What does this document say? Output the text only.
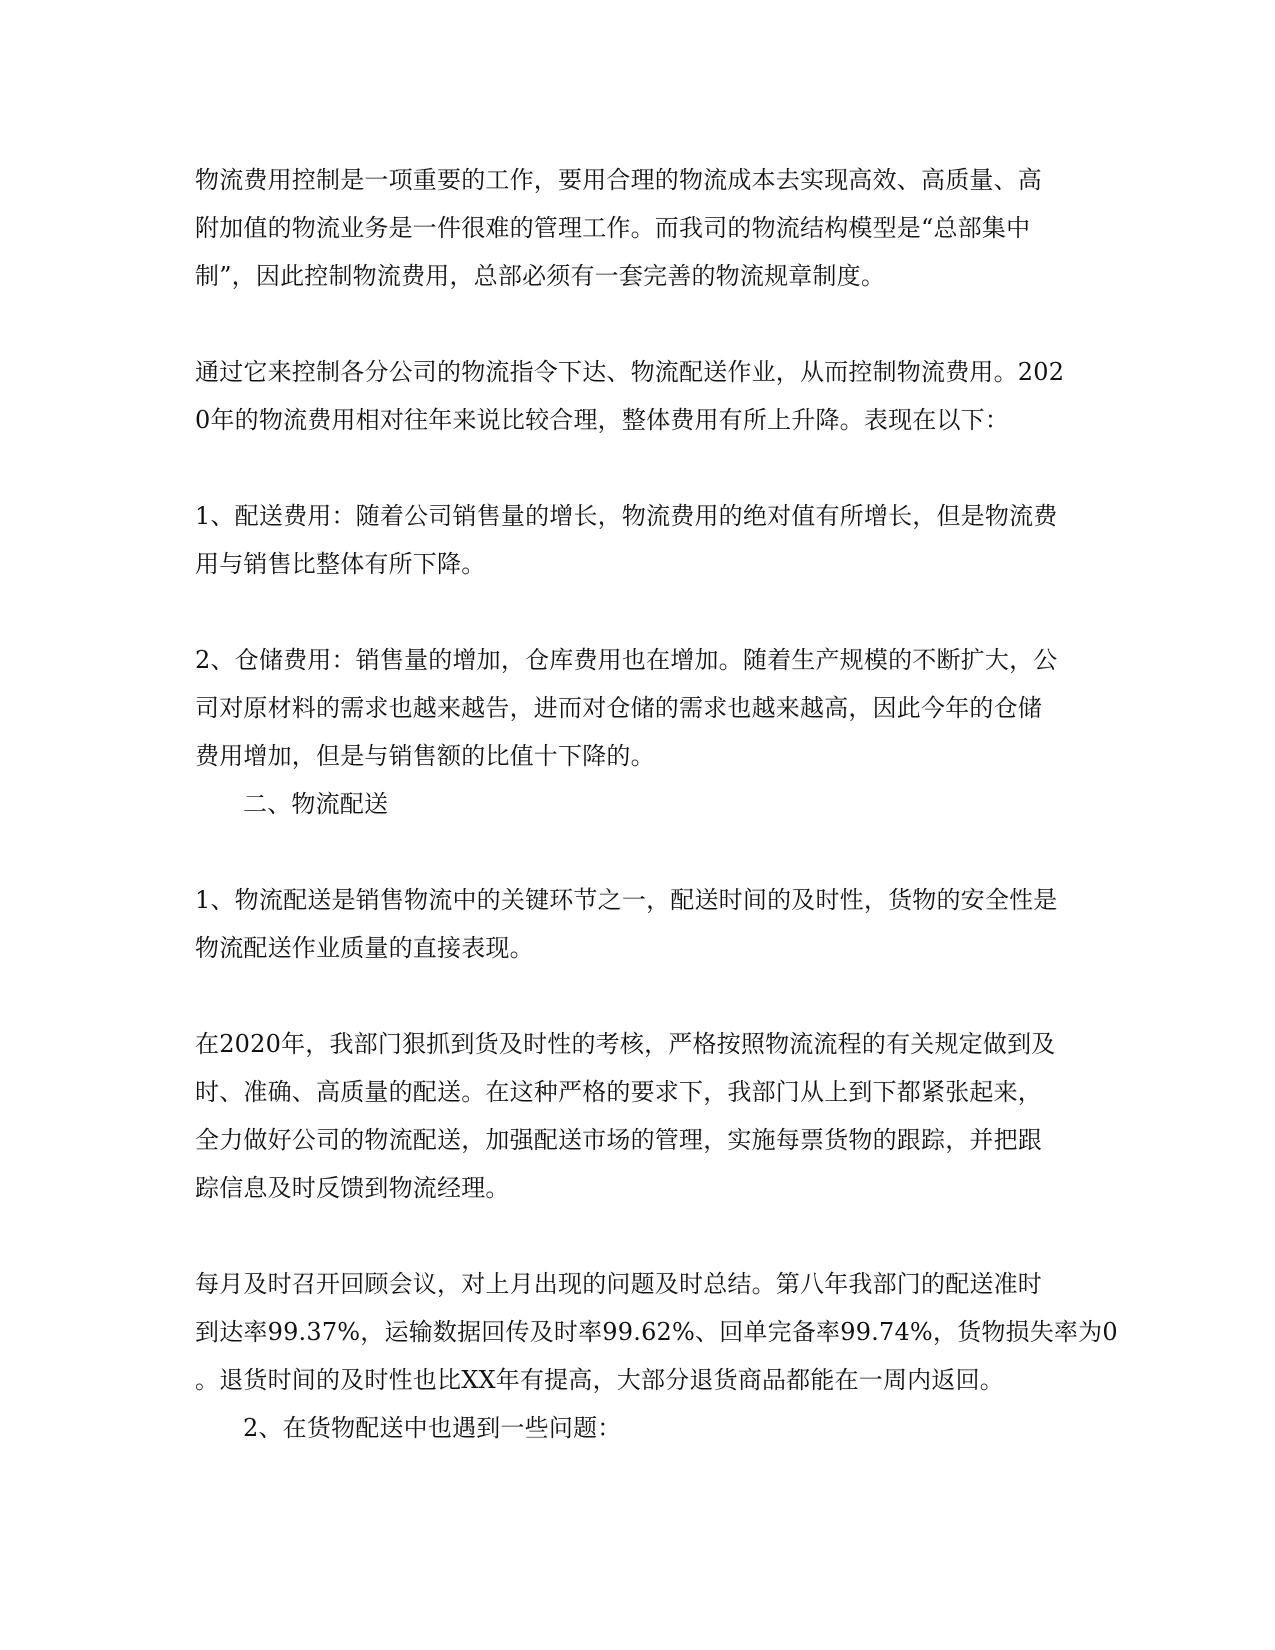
物流费用控制是一项重要的工作，要用合理的物流成本去实现高效、高质量、高
附加值的物流业务是一件很难的管理工作。而我司的物流结构模型是“总部集中
制”，因此控制物流费用，总部必须有一套完善的物流规章制度。
通过它来控制各分公司的物流指令下达、物流配送作业，从而控制物流费用。202
0年的物流费用相对往年来说比较合理，整体费用有所上升降。表现在以下：
1、配送费用：随着公司销售量的增长，物流费用的绝对值有所增长，但是物流费
用与销售比整体有所下降。
2、仓储费用：销售量的增加，仓库费用也在增加。随着生产规模的不断扩大，公
司对原材料的需求也越来越告，进而对仓储的需求也越来越高，因此今年的仓储
费用增加，但是与销售额的比值十下降的。
二、物流配送
1、物流配送是销售物流中的关键环节之一，配送时间的及时性，货物的安全性是
物流配送作业质量的直接表现。
在2020年，我部门狠抓到货及时性的考核，严格按照物流流程的有关规定做到及
时、准确、高质量的配送。在这种严格的要求下，我部门从上到下都紧张起来，
全力做好公司的物流配送，加强配送市场的管理，实施每票货物的跟踪，并把跟
踪信息及时反馈到物流经理。
每月及时召开回顾会议，对上月出现的问题及时总结。第八年我部门的配送准时
到达率99.37%，运输数据回传及时率99.62%、回单完备率99.74%，货物损失率为0
。退货时间的及时性也比XX年有提高，大部分退货商品都能在一周内返回。
2、在货物配送中也遇到一些问题：
